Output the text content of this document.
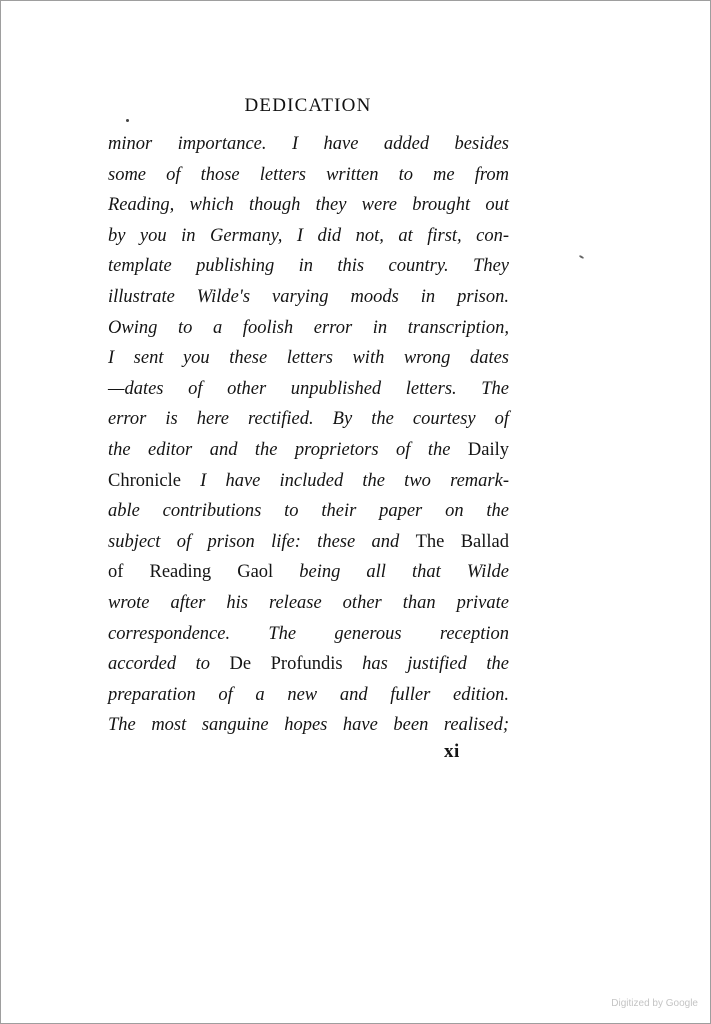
DEDICATION
minor importance. I have added besides
some of those letters written to me from
Reading, which though they were brought out
by you in Germany, I did not, at first, con-
template publishing in this country. They
illustrate Wilde's varying moods in prison.
Owing to a foolish error in transcription,
I sent you these letters with wrong dates
—dates of other unpublished letters. The
error is here rectified. By the courtesy of
the editor and the proprietors of the Daily
Chronicle I have included the two remark-
able contributions to their paper on the
subject of prison life: these and The Ballad
of Reading Gaol being all that Wilde
wrote after his release other than private
correspondence. The generous reception
accorded to De Profundis has justified the
preparation of a new and fuller edition.
The most sanguine hopes have been realised;
xi
Digitized by Google
